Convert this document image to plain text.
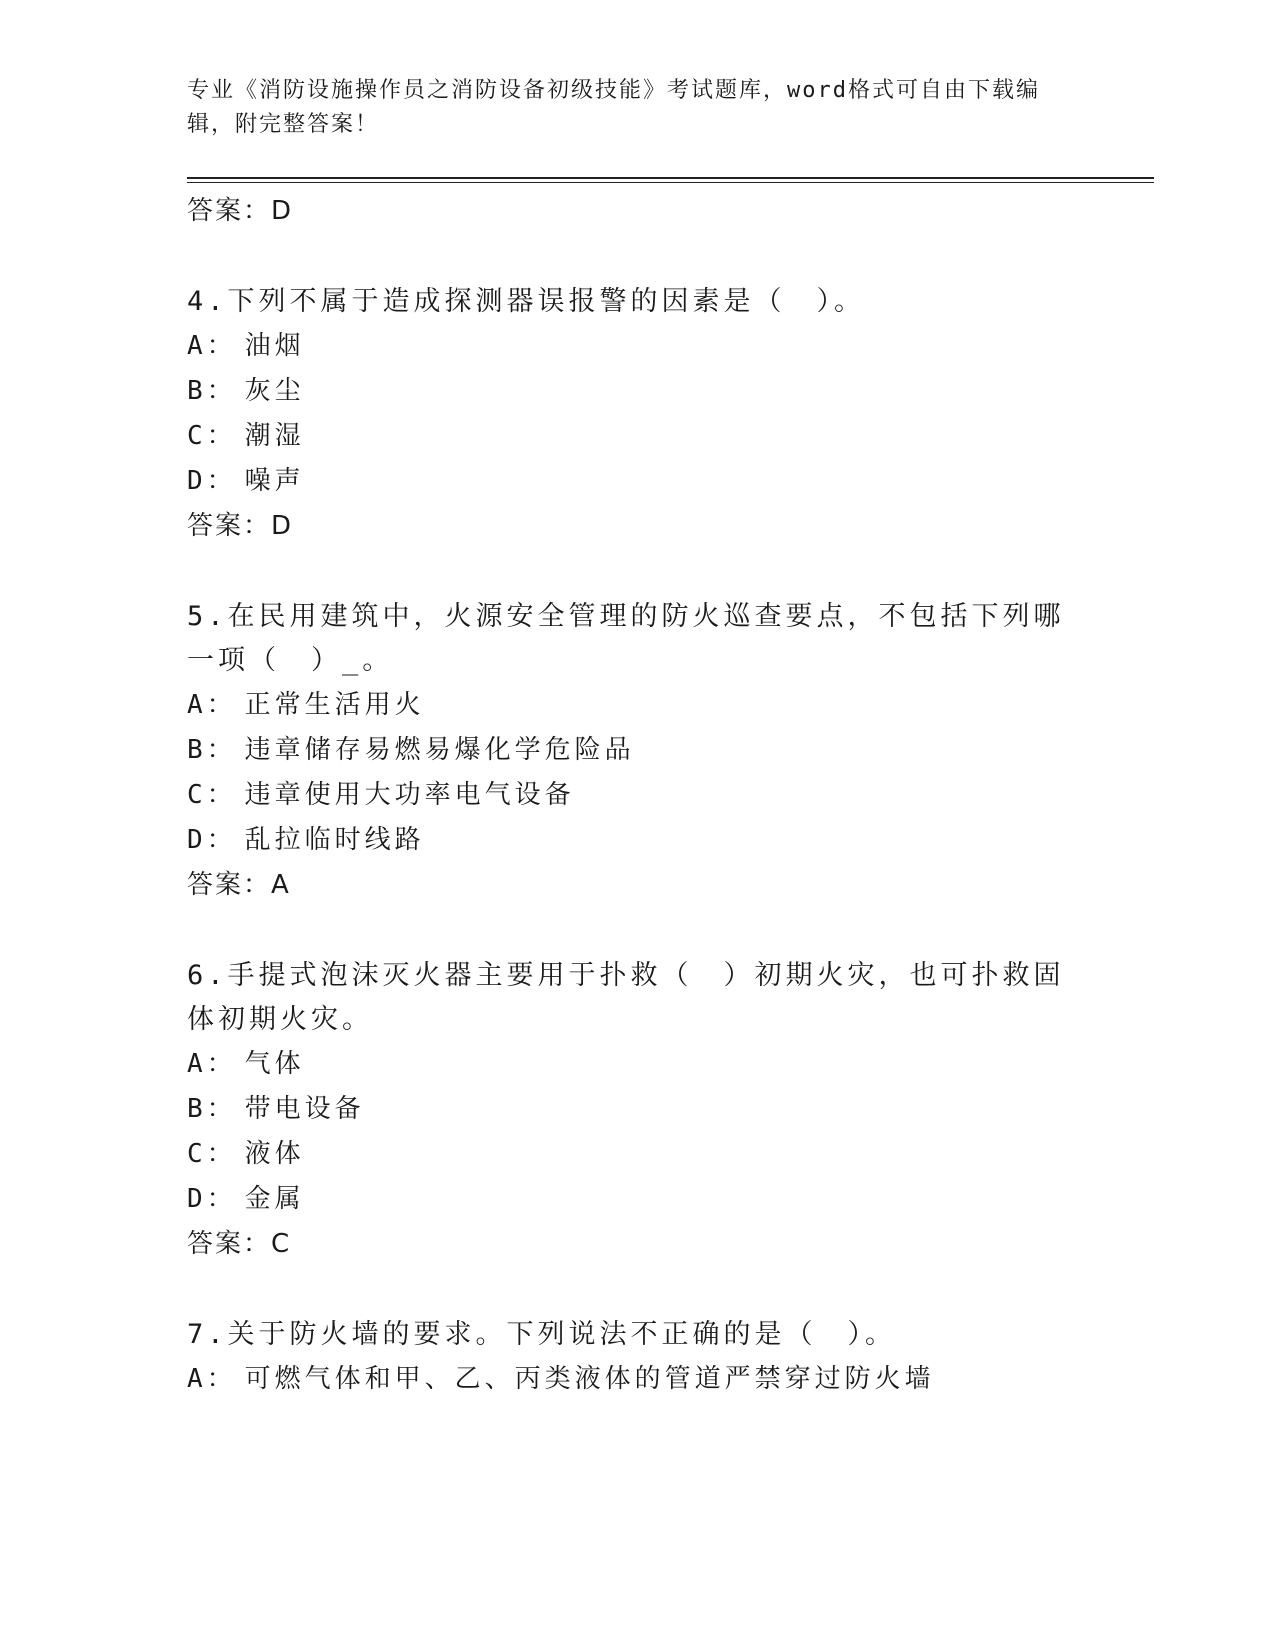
专业《消防设施操作员之消防设备初级技能》考试题库，word格式可自由下载编辑，附完整答案！

答案：D

4.下列不属于造成探测器误报警的因素是（　）。

A： 油烟

B： 灰尘

C： 潮湿

D： 噪声

答案：D

5.在民用建筑中，火源安全管理的防火巡查要点，不包括下列哪一项（　）_。

A： 正常生活用火

B： 违章储存易燃易爆化学危险品

C： 违章使用大功率电气设备

D： 乱拉临时线路

答案：A

6.手提式泡沫灭火器主要用于扑救（　）初期火灾，也可扑救固体初期火灾。

A： 气体

B： 带电设备

C： 液体

D： 金属

答案：C

7.关于防火墙的要求。下列说法不正确的是（　）。

A： 可燃气体和甲、乙、丙类液体的管道严禁穿过防火墙
